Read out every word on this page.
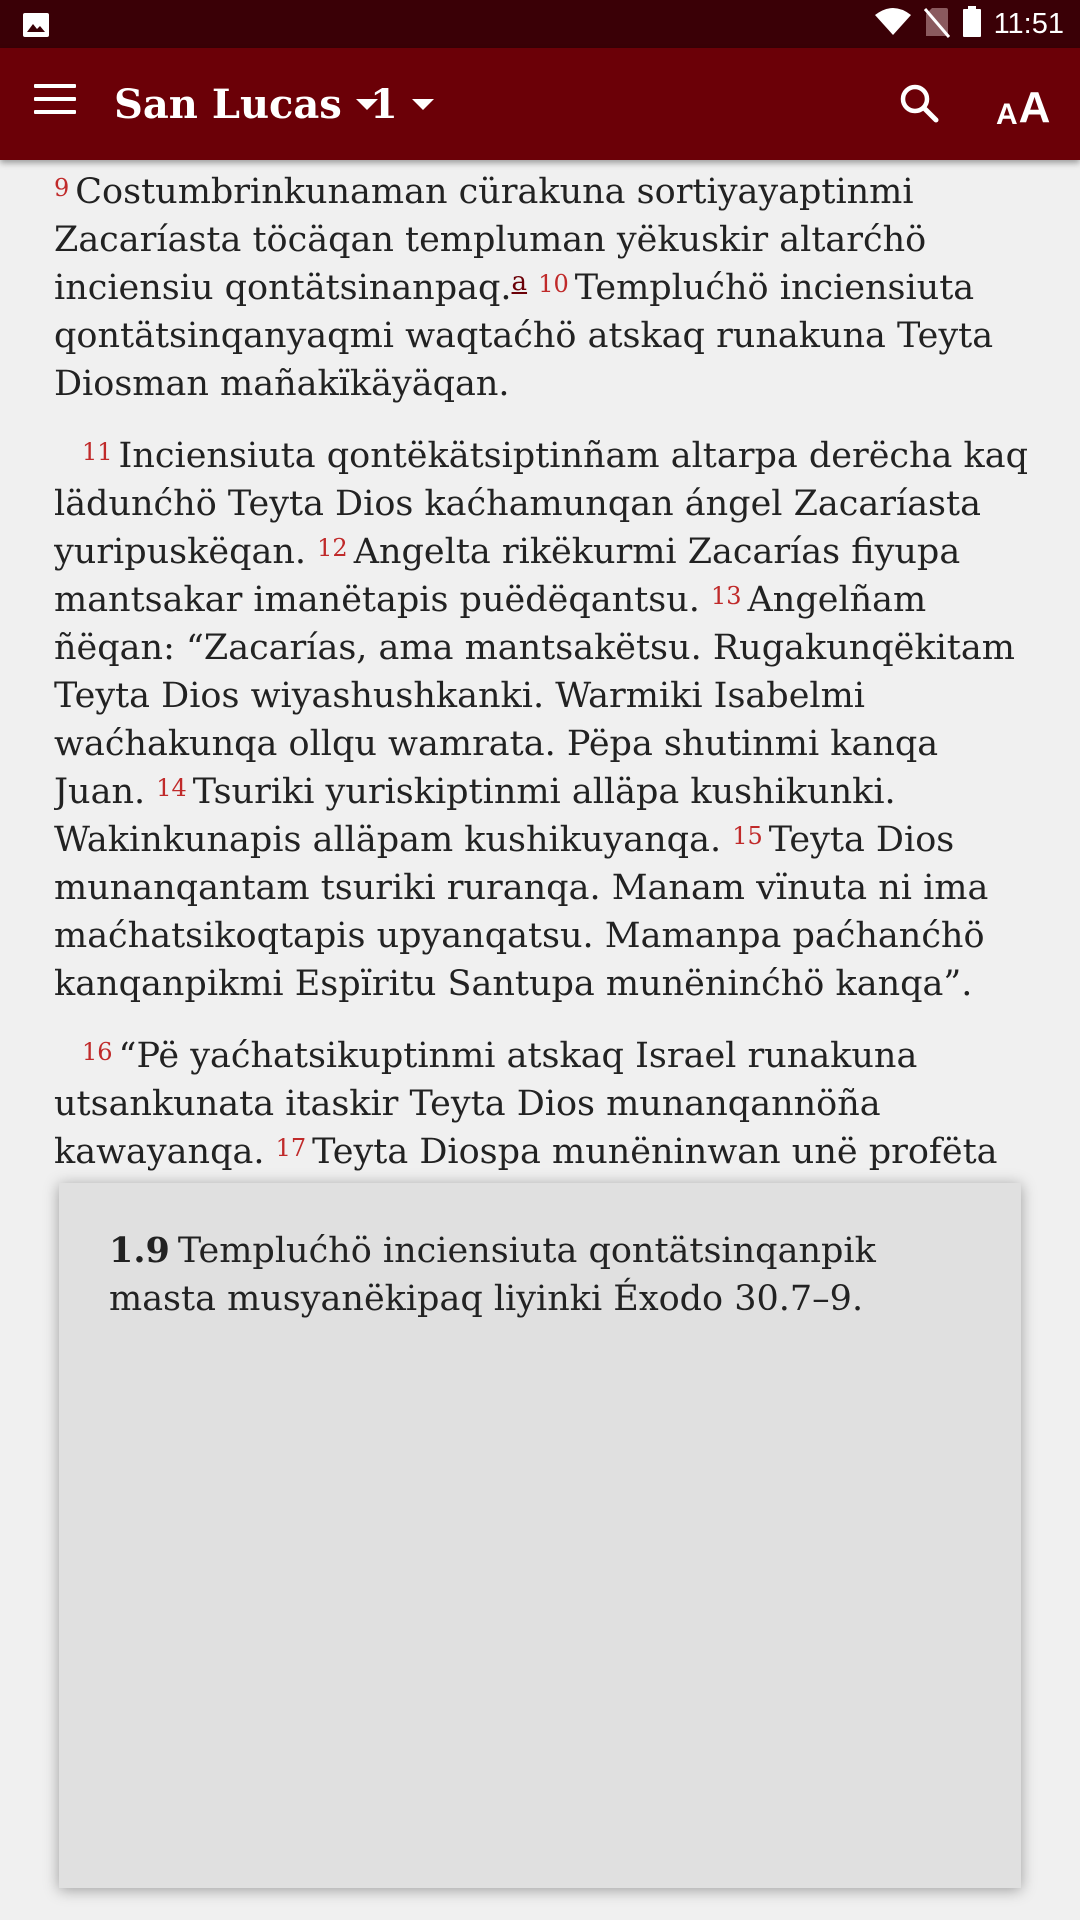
11:51
San Lucas 1	A A

$^9$ Costumbrinkunaman cürakuna sortiyayaptinmi Zacaríasta töcäqan templuman yëkuskir altarćhö inciensiu qontätsinanpaq.$^a$ $^{10}$ Templućhö inciensiuta qontätsinqanyaqmi waqtaćhö atskaq runakuna Teyta Diosman mañakïkäyäqan.

$^{11}$ Inciensiuta qontëkätsiptinñam altarpa derëcha kaq lädunćhö Teyta Dios kaćhamunqan ángel Zacaríasta yuripuskëqan. $^{12}$ Angelta rikëkurmi Zacarías fiyupa mantsakar imanëtapis puëdëqantsu. $^{13}$ Angelñam ñëqan: “Zacarías, ama mantsakëtsu. Rugakunqëkitam Teyta Dios wiyashushkanki. Warmiki Isabelmi waćhakunqa ollqu wamrata. Pëpa shutinmi kanqa Juan. $^{14}$ Tsuriki yuriskiptinmi alläpa kushikunki. Wakinkunapis alläpam kushikuyanqa. $^{15}$ Teyta Dios munanqantam tsuriki ruranqa. Manam vïnuta ni ima maćhatsikoqtapis upyanqatsu. Mamanpa paćhanćhö kanqanpikmi Espïritu Santupa munëninćhö kanqa”.

$^{16}$ “Pë yaćhatsikuptinmi atskaq Israel runakuna utsankunata itaskir Teyta Dios munanqannöña kawayanqa. $^{17}$ Teyta Diospa munëninwan unë profëta

1.9 Templućhö inciensiuta qontätsinqanpik masta musyanëkipaq liyinki Éxodo 30.7–9.
